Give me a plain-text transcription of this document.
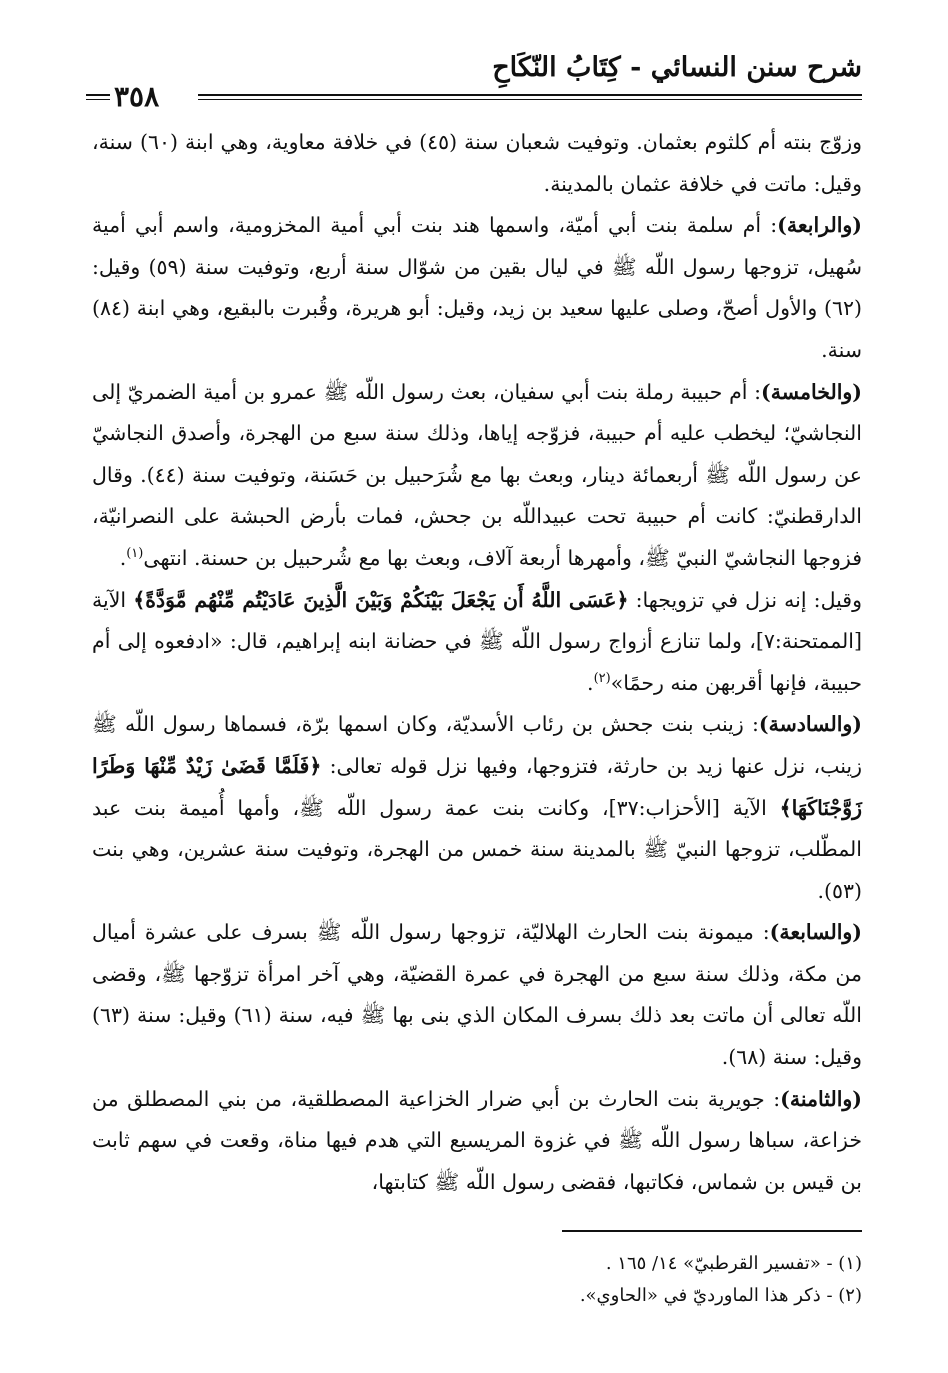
شرح سنن النسائي - كِتَابُ النّكَاحِ
٣٥٨

وزوّج بنته أم كلثوم بعثمان. وتوفيت شعبان سنة (٤٥) في خلافة معاوية، وهي ابنة (٦٠) سنة، وقيل: ماتت في خلافة عثمان بالمدينة.

(والرابعة): أم سلمة بنت أبي أميّة، واسمها هند بنت أبي أمية المخزومية، واسم أبي أمية سُهيل، تزوجها رسول اللّه ﷺ في ليال بقين من شوّال سنة أربع، وتوفيت سنة (٥٩) وقيل: (٦٢) والأول أصحّ، وصلى عليها سعيد بن زيد، وقيل: أبو هريرة، وقُبرت بالبقيع، وهي ابنة (٨٤) سنة.

(والخامسة): أم حبيبة رملة بنت أبي سفيان، بعث رسول اللّه ﷺ عمرو بن أمية الضمريّ إلى النجاشيّ؛ ليخطب عليه أم حبيبة، فزوّجه إياها، وذلك سنة سبع من الهجرة، وأصدق النجاشيّ عن رسول اللّه ﷺ أربعمائة دينار، وبعث بها مع شُرَحبيل بن حَسَنة، وتوفيت سنة (٤٤). وقال الدارقطنيّ: كانت أم حبيبة تحت عبيداللّه بن جحش، فمات بأرض الحبشة على النصرانيّة، فزوجها النجاشيّ النبيّ ﷺ، وأمهرها أربعة آلاف، وبعث بها مع شُرحبيل بن حسنة. انتهى$^{(١)}$.

وقيل: إنه نزل في تزويجها: ﴿عَسَى اللَّهُ أَن يَجْعَلَ بَيْنَكُمْ وَبَيْنَ الَّذِينَ عَادَيْتُم مِّنْهُم مَّوَدَّةً﴾ الآية [الممتحنة:٧]، ولما تنازع أزواج رسول اللّه ﷺ في حضانة ابنه إبراهيم، قال: «ادفعوه إلى أم حبيبة، فإنها أقربهن منه رحمًا»$^{(٢)}$.

(والسادسة): زينب بنت جحش بن رئاب الأسديّة، وكان اسمها برّة، فسماها رسول اللّه ﷺ زينب، نزل عنها زيد بن حارثة، فتزوجها، وفيها نزل قوله تعالى: ﴿فَلَمَّا قَضَىٰ زَيْدٌ مِّنْهَا وَطَرًا زَوَّجْنَاكَهَا﴾ الآية [الأحزاب:٣٧]، وكانت بنت عمة رسول اللّه ﷺ، وأمها أُميمة بنت عبد المطّلب، تزوجها النبيّ ﷺ بالمدينة سنة خمس من الهجرة، وتوفيت سنة عشرين، وهي بنت (٥٣).

(والسابعة): ميمونة بنت الحارث الهلاليّة، تزوجها رسول اللّه ﷺ بسرف على عشرة أميال من مكة، وذلك سنة سبع من الهجرة في عمرة القضيّة، وهي آخر امرأة تزوّجها ﷺ، وقضى اللّه تعالى أن ماتت بعد ذلك بسرف المكان الذي بنى بها ﷺ فيه، سنة (٦١) وقيل: سنة (٦٣) وقيل: سنة (٦٨).

(والثامنة): جويرية بنت الحارث بن أبي ضرار الخزاعية المصطلقية، من بني المصطلق من خزاعة، سباها رسول اللّه ﷺ في غزوة المريسيع التي هدم فيها مناة، وقعت في سهم ثابت بن قيس بن شماس، فكاتبها، فقضى رسول اللّه ﷺ كتابتها،

(١) - «تفسير القرطبيّ» ١٤/ ١٦٥ .

(٢) - ذكر هذا الماورديّ في «الحاوي».
